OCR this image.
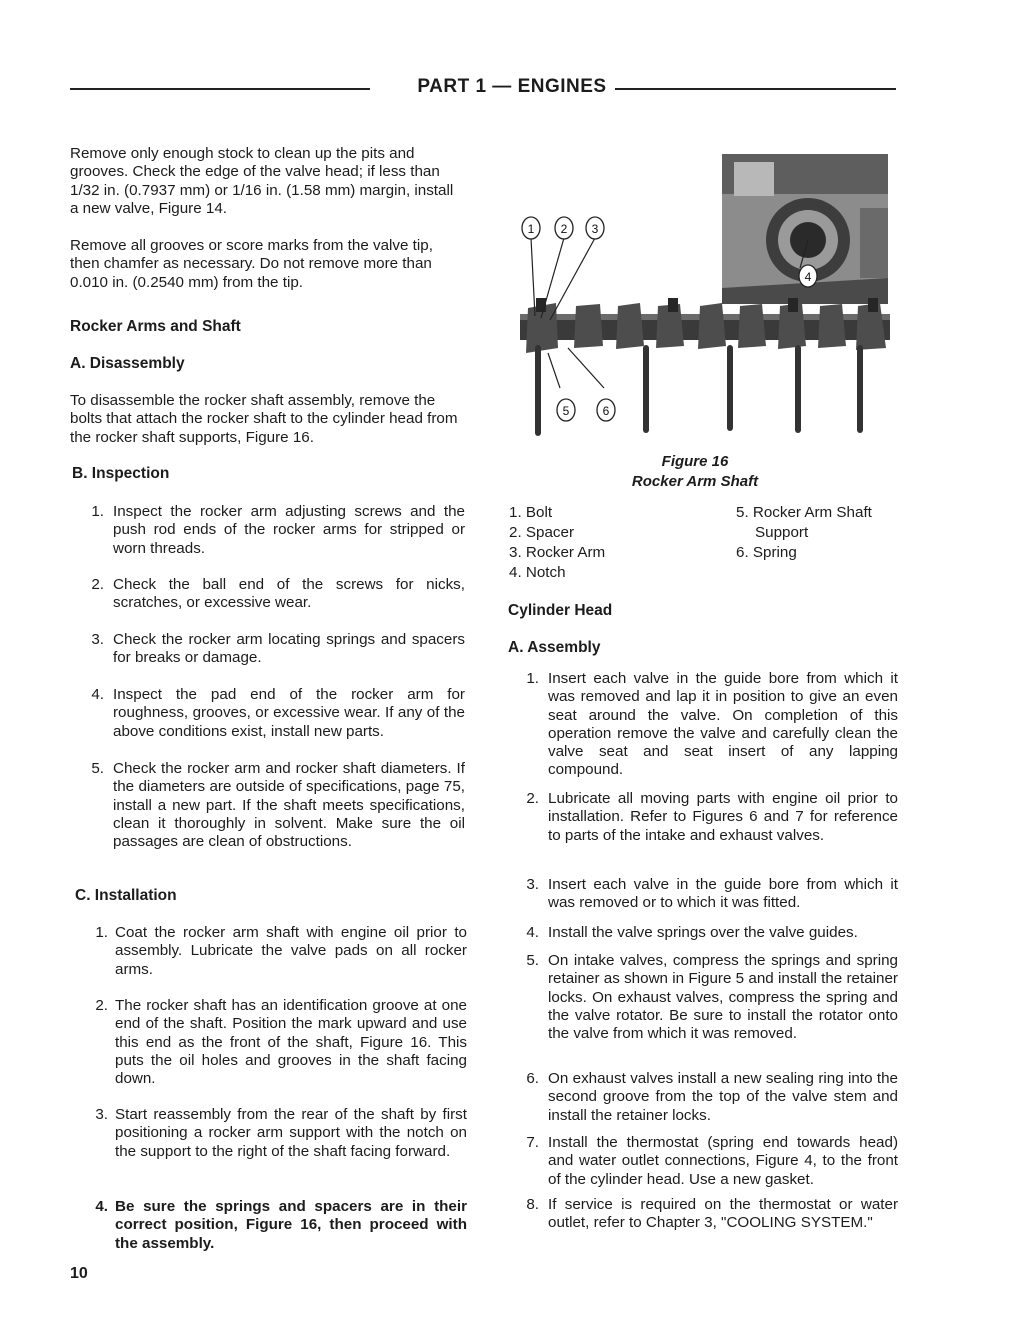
PART 1 — ENGINES

Remove only enough stock to clean up the pits and grooves. Check the edge of the valve head; if less than 1/32 in. (0.7937 mm) or 1/16 in. (1.58 mm) margin, install a new valve, Figure 14.

Remove all grooves or score marks from the valve tip, then chamfer as necessary. Do not remove more than 0.010 in. (0.2540 mm) from the tip.

Rocker Arms and Shaft

A. Disassembly

To disassemble the rocker shaft assembly, remove the bolts that attach the rocker shaft to the cylinder head from the rocker shaft supports, Figure 16.

B. Inspection

1. Inspect the rocker arm adjusting screws and the push rod ends of the rocker arms for stripped or worn threads.
2. Check the ball end of the screws for nicks, scratches, or excessive wear.
3. Check the rocker arm locating springs and spacers for breaks or damage.
4. Inspect the pad end of the rocker arm for roughness, grooves, or excessive wear. If any of the above conditions exist, install new parts.
5. Check the rocker arm and rocker shaft diameters. If the diameters are outside of specifications, page 75, install a new part. If the shaft meets specifications, clean it thoroughly in solvent. Make sure the oil passages are clean of obstructions.

C. Installation

1. Coat the rocker arm shaft with engine oil prior to assembly. Lubricate the valve pads on all rocker arms.
2. The rocker shaft has an identification groove at one end of the shaft. Position the mark upward and use this end as the front of the shaft, Figure 16. This puts the oil holes and grooves in the shaft facing down.
3. Start reassembly from the rear of the shaft by first positioning a rocker arm support with the notch on the support to the right of the shaft facing forward.
4. Be sure the springs and spacers are in their correct position, Figure 16, then proceed with the assembly.
10
1 2 3
4
5	6
Figure 16
Rocker Arm Shaft
1. Bolt
2. Spacer
3. Rocker Arm
4. Notch
5. Rocker Arm Shaft
Support
6. Spring

Cylinder Head

A. Assembly

1. Insert each valve in the guide bore from which it was removed and lap it in position to give an even seat around the valve. On completion of this operation remove the valve and carefully clean the valve seat and seat insert of any lapping compound.
2. Lubricate all moving parts with engine oil prior to installation. Refer to Figures 6 and 7 for reference to parts of the intake and exhaust valves.
3. Insert each valve in the guide bore from which it was removed or to which it was fitted.
4. Install the valve springs over the valve guides.
5. On intake valves, compress the springs and spring retainer as shown in Figure 5 and install the retainer locks. On exhaust valves, compress the spring and the valve rotator. Be sure to install the rotator onto the valve from which it was removed.
6. On exhaust valves install a new sealing ring into the second groove from the top of the valve stem and install the retainer locks.
7. Install the thermostat (spring end towards head) and water outlet connections, Figure 4, to the front of the cylinder head. Use a new gasket.
8. If service is required on the thermostat or water outlet, refer to Chapter 3, "COOLING SYSTEM."
